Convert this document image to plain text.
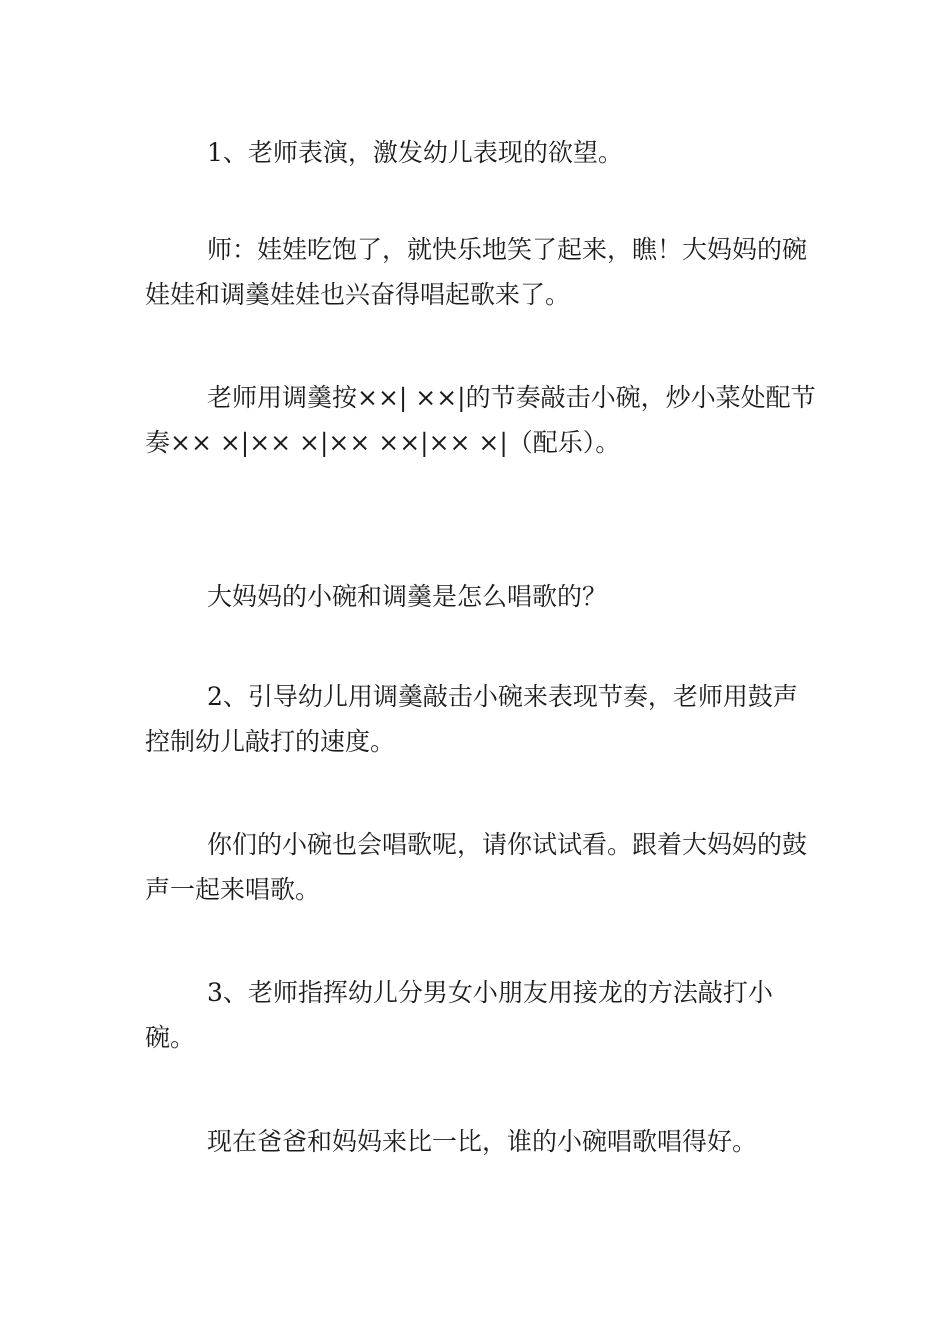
1、老师表演，激发幼儿表现的欲望。

师：娃娃吃饱了，就快乐地笑了起来，瞧！大妈妈的碗娃娃和调羹娃娃也兴奋得唱起歌来了。

老师用调羹按××| ××|的节奏敲击小碗，炒小菜处配节奏×× ×|×× ×|×× ××|×× ×|（配乐）。

大妈妈的小碗和调羹是怎么唱歌的？

2、引导幼儿用调羹敲击小碗来表现节奏，老师用鼓声控制幼儿敲打的速度。

你们的小碗也会唱歌呢，请你试试看。跟着大妈妈的鼓声一起来唱歌。

3、老师指挥幼儿分男女小朋友用接龙的方法敲打小碗。

现在爸爸和妈妈来比一比，谁的小碗唱歌唱得好。
